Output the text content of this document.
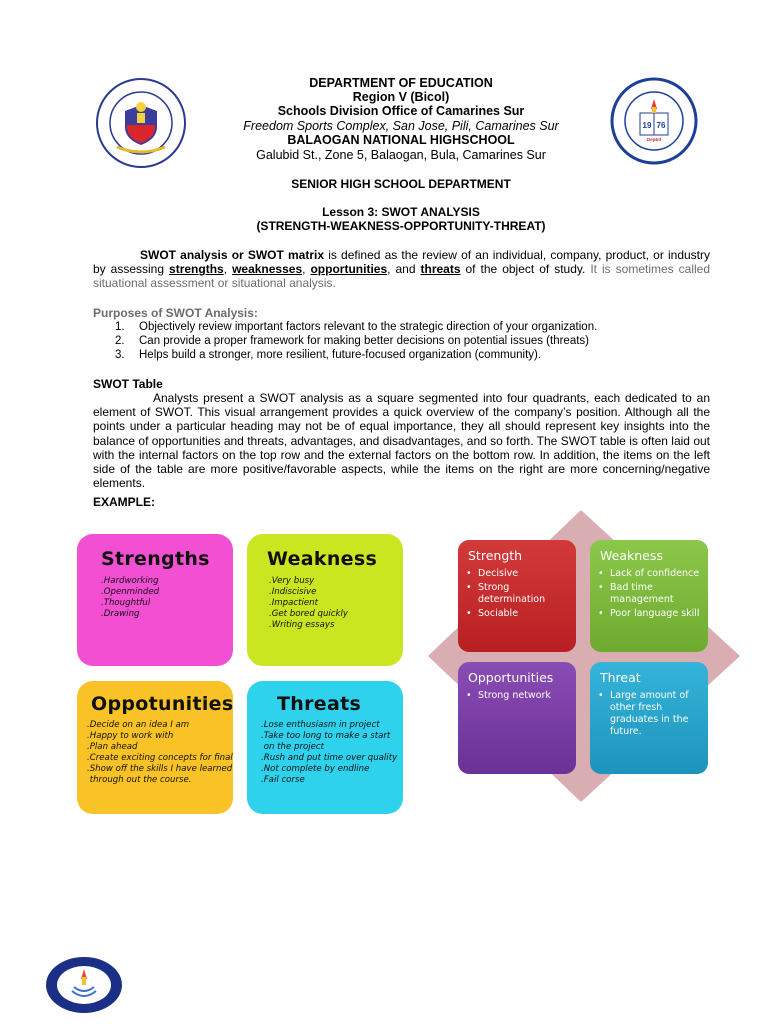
19 76
DepEd
DEPARTMENT OF EDUCATION
Region V (Bicol)
Schools Division Office of Camarines Sur
Freedom Sports Complex, San Jose, Pili, Camarines Sur
BALAOGAN NATIONAL HIGHSCHOOL
Galubid St., Zone 5, Balaogan, Bula, Camarines Sur
SENIOR HIGH SCHOOL DEPARTMENT
Lesson 3: SWOT ANALYSIS
(STRENGTH-WEAKNESS-OPPORTUNITY-THREAT)
SWOT analysis or SWOT matrix is defined as the review of an individual, company, product, or industry by assessing strengths, weaknesses, opportunities, and threats of the object of study. It is sometimes called situational assessment or situational analysis.
Purposes of SWOT Analysis:
1.	Objectively review important factors relevant to the strategic direction of your organization.
2.	Can provide a proper framework for making better decisions on potential issues (threats)
3.	Helps build a stronger, more resilient, future-focused organization (community).
SWOT Table
Analysts present a SWOT analysis as a square segmented into four quadrants, each dedicated to an element of SWOT. This visual arrangement provides a quick overview of the company’s position. Although all the points under a particular heading may not be of equal importance, they all should represent key insights into the balance of opportunities and threats, advantages, and disadvantages, and so forth. The SWOT table is often laid out with the internal factors on the top row and the external factors on the bottom row. In addition, the items on the left side of the table are more positive/favorable aspects, while the items on the right are more concerning/negative elements.
EXAMPLE:
Strengths
.Hardworking
.Openminded
.Thoughtful
.Drawing
Weakness
.Very busy
.Indiscisive
.Impactient
.Get bored quickly
.Writing essays
Oppotunities
.Decide on an idea I am
.Happy to work with
.Plan ahead
.Create exciting concepts for final
.Show off the skills I have learned
through out the course.
Threats
.Lose enthusiasm in project
.Take too long to make a start
on the project
.Rush and put time over quality
.Not complete by endline
.Fail corse
Strength
• Decisive
• Strong determination
• Sociable
Weakness
• Lack of confidence
• Bad time management
• Poor language skill
Opportunities
• Strong network
Threat
• Large amount of other fresh graduates in the future.
